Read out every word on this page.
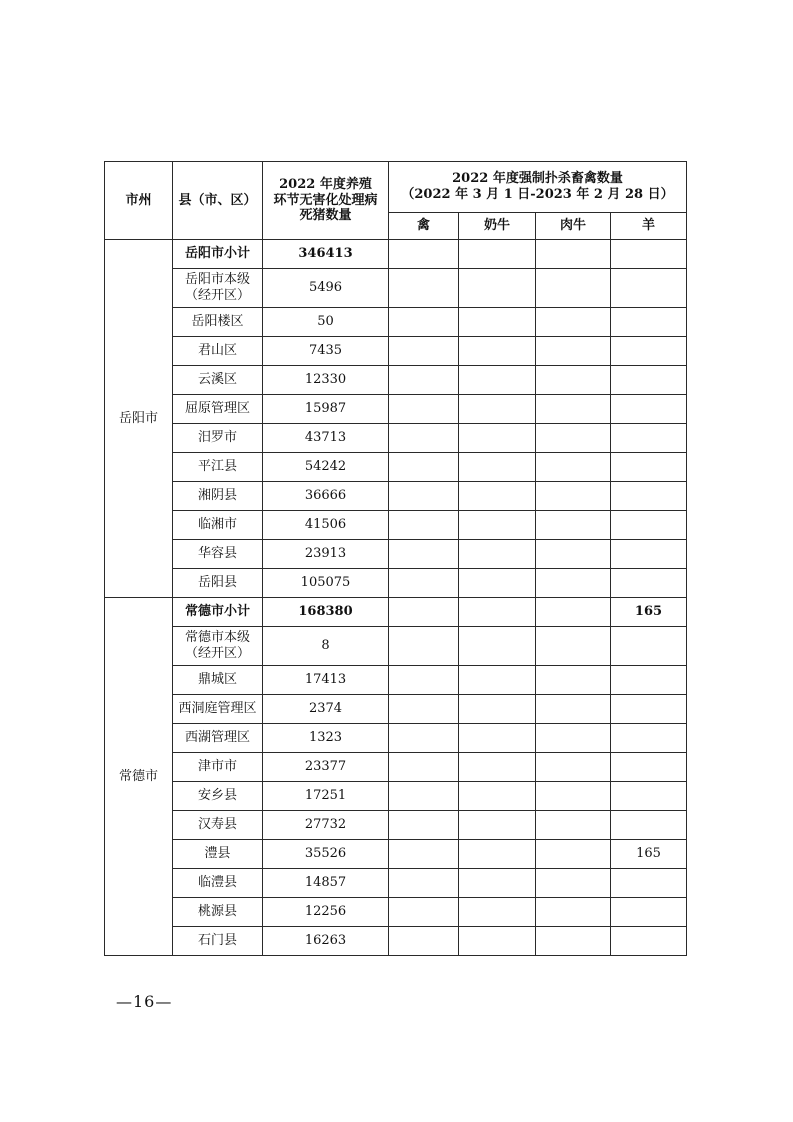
市州	县（市、区）	2022 年度养殖环节无害化处理病死猪数量	2022 年度强制扑杀畜禽数量
（2022 年 3 月 1 日-2023 年 2 月 28 日）			

			禽	奶牛	肉牛	羊
岳阳市	岳阳市小计	346413				

	岳阳市本级
（经开区）	5496				
	岳阳楼区	50				
	君山区	7435				
	云溪区	12330				
	屈原管理区	15987				
	汨罗市	43713				
	平江县	54242				
	湘阴县	36666				
	临湘市	41506				
	华容县	23913				
	岳阳县	105075				
常德市	常德市小计	168380				165

	常德市本级
（经开区）	8				
	鼎城区	17413				
	西洞庭管理区	2374				
	西湖管理区	1323				
	津市市	23377				
	安乡县	17251				
	汉寿县	27732				
	澧县	35526				165
	临澧县	14857				
	桃源县	12256				
	石门县	16263				
—16—
